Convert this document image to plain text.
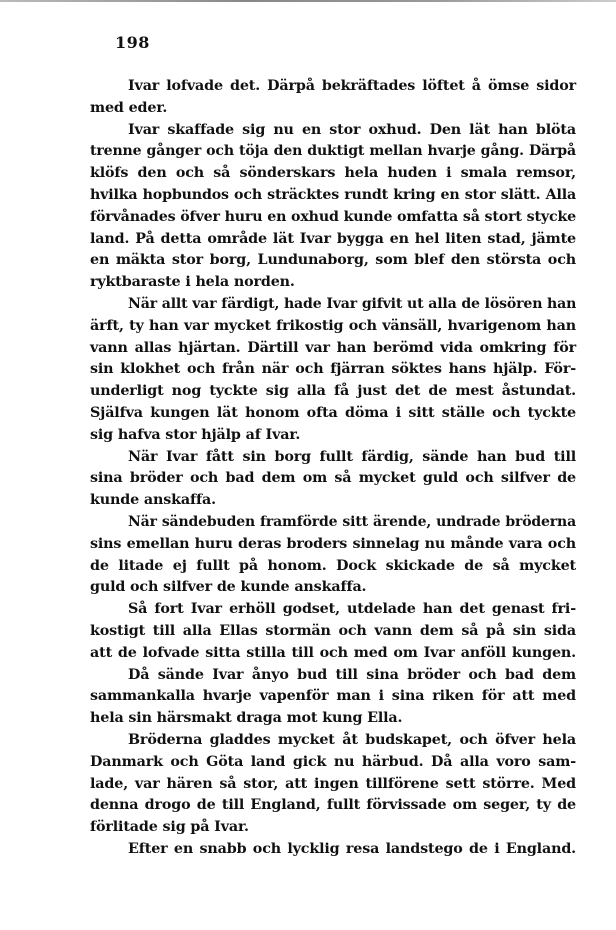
198
Ivar lofvade det. Därpå bekräftades löftet å ömse sidor
med eder.
Ivar skaffade sig nu en stor oxhud. Den lät han blöta
trenne gånger och töja den duktigt mellan hvarje gång. Därpå
klöfs den och så sönderskars hela huden i smala remsor,
hvilka hopbundos och sträcktes rundt kring en stor slätt. Alla
förvånades öfver huru en oxhud kunde omfatta så stort stycke
land. På detta område lät Ivar bygga en hel liten stad, jämte
en mäkta stor borg, Lundunaborg, som blef den största och
ryktbaraste i hela norden.
När allt var färdigt, hade Ivar gifvit ut alla de lösören han
ärft, ty han var mycket frikostig och vänsäll, hvarigenom han
vann allas hjärtan. Därtill var han berömd vida omkring för
sin klokhet och från när och fjärran söktes hans hjälp. För-
underligt nog tyckte sig alla få just det de mest åstundat.
Själfva kungen lät honom ofta döma i sitt ställe och tyckte
sig hafva stor hjälp af Ivar.
När Ivar fått sin borg fullt färdig, sände han bud till
sina bröder och bad dem om så mycket guld och silfver de
kunde anskaffa.
När sändebuden framförde sitt ärende, undrade bröderna
sins emellan huru deras broders sinnelag nu månde vara och
de litade ej fullt på honom. Dock skickade de så mycket
guld och silfver de kunde anskaffa.
Så fort Ivar erhöll godset, utdelade han det genast fri-
kostigt till alla Ellas stormän och vann dem så på sin sida
att de lofvade sitta stilla till och med om Ivar anföll kungen.
Då sände Ivar ånyo bud till sina bröder och bad dem
sammankalla hvarje vapenför man i sina riken för att med
hela sin härsmakt draga mot kung Ella.
Bröderna gladdes mycket åt budskapet, och öfver hela
Danmark och Göta land gick nu härbud. Då alla voro sam-
lade, var hären så stor, att ingen tillförene sett större. Med
denna drogo de till England, fullt förvissade om seger, ty de
förlitade sig på Ivar.
Efter en snabb och lycklig resa landstego de i England.
